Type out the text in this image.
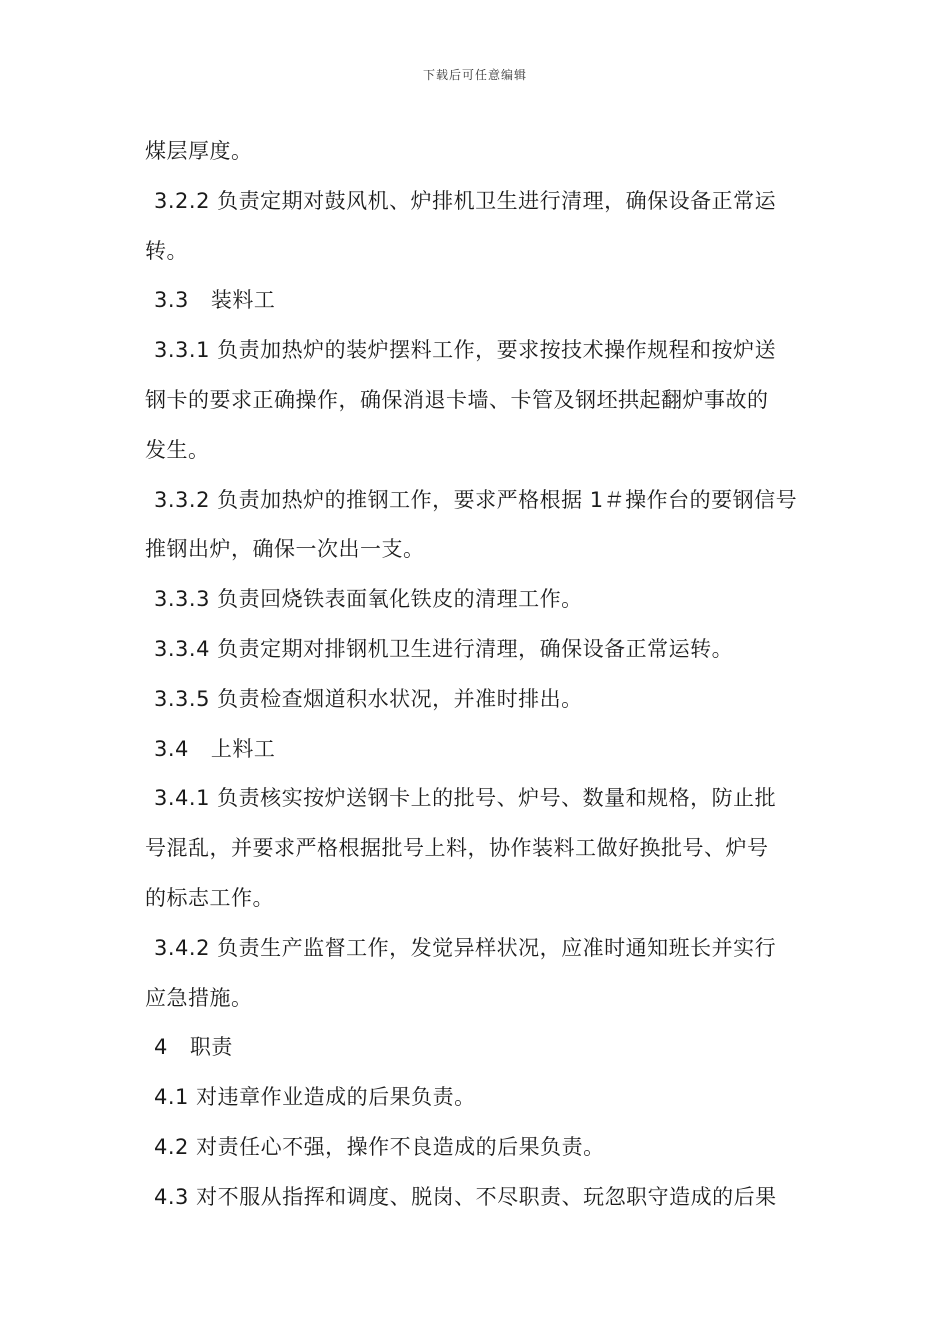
下载后可任意编辑
煤层厚度。
3.2.2 负责定期对鼓风机、炉排机卫生进行清理，确保设备正常运
转。
3.3 装料工
3.3.1 负责加热炉的装炉摆料工作，要求按技术操作规程和按炉送
钢卡的要求正确操作，确保消退卡墙、卡管及钢坯拱起翻炉事故的
发生。
3.3.2 负责加热炉的推钢工作，要求严格根据 1＃操作台的要钢信号
推钢出炉，确保一次出一支。
3.3.3 负责回烧铁表面氧化铁皮的清理工作。
3.3.4 负责定期对排钢机卫生进行清理，确保设备正常运转。
3.3.5 负责检查烟道积水状况，并准时排出。
3.4 上料工
3.4.1 负责核实按炉送钢卡上的批号、炉号、数量和规格，防止批
号混乱，并要求严格根据批号上料，协作装料工做好换批号、炉号
的标志工作。
3.4.2 负责生产监督工作，发觉异样状况，应准时通知班长并实行
应急措施。
4 职责
4.1 对违章作业造成的后果负责。
4.2 对责任心不强，操作不良造成的后果负责。
4.3 对不服从指挥和调度、脱岗、不尽职责、玩忽职守造成的后果
